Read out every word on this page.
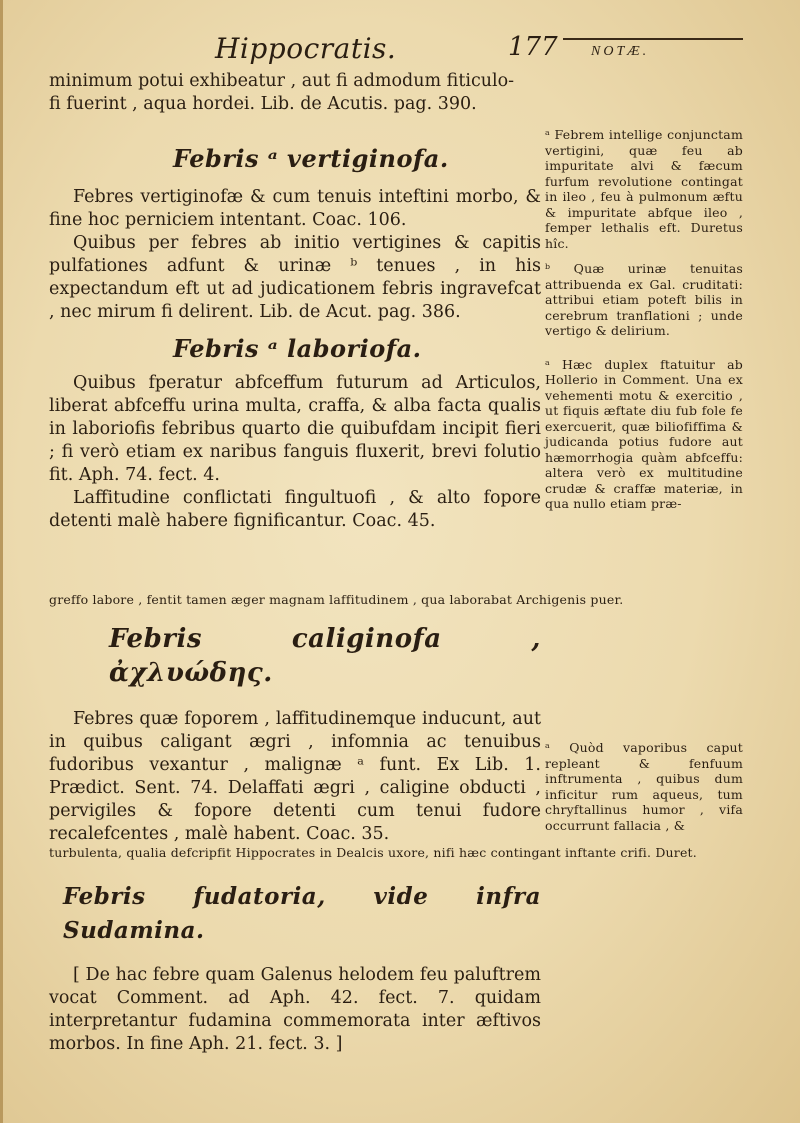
Hippocratis.	177 NOTÆ.

minimum potui exhibeatur , aut fi admodum fiticulo-

fi fuerint , aqua hordei. Lib. de Acutis. pag. 390.

Febris ᵃ vertiginofa.

Febres vertiginofæ & cum tenuis inteftini morbo, & fine hoc perniciem intentant. Coac. 106.

Quibus per febres ab initio vertigines & capitis pulfationes adfunt & urinæ ᵇ tenues , in his expectandum eft ut ad judicationem febris ingravefcat , nec mirum fi delirent. Lib. de Acut. pag. 386.

Febris ᵃ laboriofa.

Quibus fperatur abfceffum futurum ad Articulos, liberat abfceffu urina multa, craffa, & alba facta qualis in laboriofis febribus quarto die quibufdam incipit fieri ; fi verò etiam ex naribus fanguis fluxerit, brevi folutio fit. Aph. 74. fect. 4.

Laffitudine conflictati fingultuofi , & alto fopore detenti malè habere fignificantur. Coac. 45.

greffo labore , fentit tamen æger magnam laffitudinem , qua laborabat Archigenis puer.
Febris caliginofa , ἀχλυώδης.

Febres quæ foporem , laffitudinemque inducunt, aut in quibus caligant ægri , infomnia ac tenuibus fudoribus vexantur , malignæ ᵃ funt. Ex Lib. 1. Prædict. Sent. 74. Delaffati ægri , caligine obducti , pervigiles & fopore detenti cum tenui fudore recalefcentes , malè habent. Coac. 35.

turbulenta, qualia defcripfit Hippocrates in Dealcis uxore, nifi hæc contingant inftante crifi. Duret.
Febris fudatoria, vide infra Sudamina.

[ De hac febre quam Galenus helodem feu paluftrem vocat Comment. ad Aph. 42. fect. 7. quidam interpretantur fudamina commemorata inter æftivos morbos. In fine Aph. 21. fect. 3. ]

ᵃ Febrem intellige conjunctam vertigini, quæ feu ab impuritate alvi & fæcum furfum revolutione contingat in ileo , feu à pulmonum æftu & impuritate abfque ileo , femper lethalis eft. Duretus hîc.

ᵇ Quæ urinæ tenuitas attribuenda ex Gal. cruditati: attribui etiam poteft bilis in cerebrum tranflationi ; unde vertigo & delirium.

ᵃ Hæc duplex ftatuitur ab Hollerio in Comment. Una ex vehementi motu & exercitio , ut fiquis æftate diu fub fole fe exercuerit, quæ biliofiffima & judicanda potius fudore aut hæmorrhogia quàm abfceffu: altera verò ex multitudine crudæ & craffæ materiæ, in qua nullo etiam præ-

ᵃ Quòd vaporibus caput repleant & fenfuum inftrumenta , quibus dum inficitur rum aqueus, tum chryftallinus humor , vifa occurrunt fallacia , &
